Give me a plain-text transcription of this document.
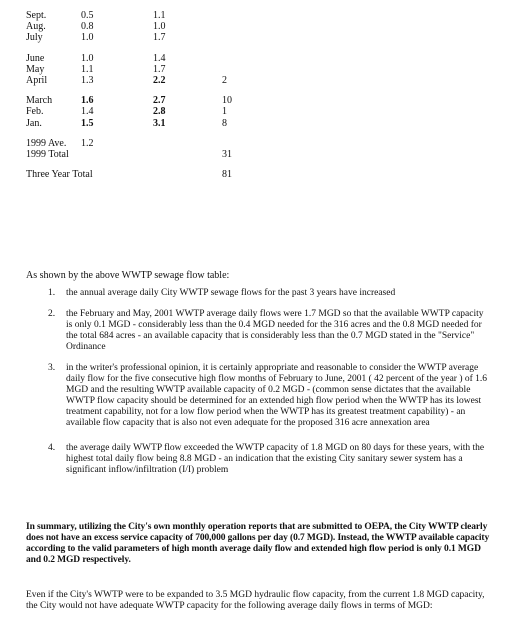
Sept.	0.5	1.1	
Aug.	0.8	1.0	
July	1.0	1.7	
June	1.0	1.4	
May	1.1	1.7	
April	1.3	2.2	2
March	1.6	2.7	10
Feb.	1.4	2.8	1
Jan.	1.5	3.1	8
1999 Ave.	1.2		
1999 Total			31
Three Year Total			81
As shown by the above WWTP sewage flow table:
1. the annual average daily City WWTP sewage flows for the past 3 years have increased
2. the February and May, 2001 WWTP average daily flows were 1.7 MGD so that the available WWTP capacity is only 0.1 MGD - considerably less than the 0.4 MGD needed for the 316 acres and the 0.8 MGD needed for the total 684 acres - an available capacity that is considerably less than the 0.7 MGD stated in the "Service" Ordinance
3. in the writer's professional opinion, it is certainly appropriate and reasonable to consider the WWTP average daily flow for the five consecutive high flow months of February to June, 2001 ( 42 percent of the year ) of 1.6 MGD and the resulting WWTP available capacity of 0.2 MGD - (common sense dictates that the available WWTP flow capacity should be determined for an extended high flow period when the WWTP has its lowest treatment capability, not for a low flow period when the WWTP has its greatest treatment capability) - an available flow capacity that is also not even adequate for the proposed 316 acre annexation area
4. the average daily WWTP flow exceeded the WWTP capacity of 1.8 MGD on 80 days for these years, with the highest total daily flow being 8.8 MGD - an indication that the existing City sanitary sewer system has a significant inflow/infiltration (I/I) problem

In summary, utilizing the City's own monthly operation reports that are submitted to OEPA, the City WWTP clearly does not have an excess service capacity of 700,000 gallons per day (0.7 MGD). Instead, the WWTP available capacity according to the valid parameters of high month average daily flow and extended high flow period is only 0.1 MGD and 0.2 MGD respectively.

Even if the City's WWTP were to be expanded to 3.5 MGD hydraulic flow capacity, from the current 1.8 MGD capacity, the City would not have adequate WWTP capacity for the following average daily flows in terms of MGD:
